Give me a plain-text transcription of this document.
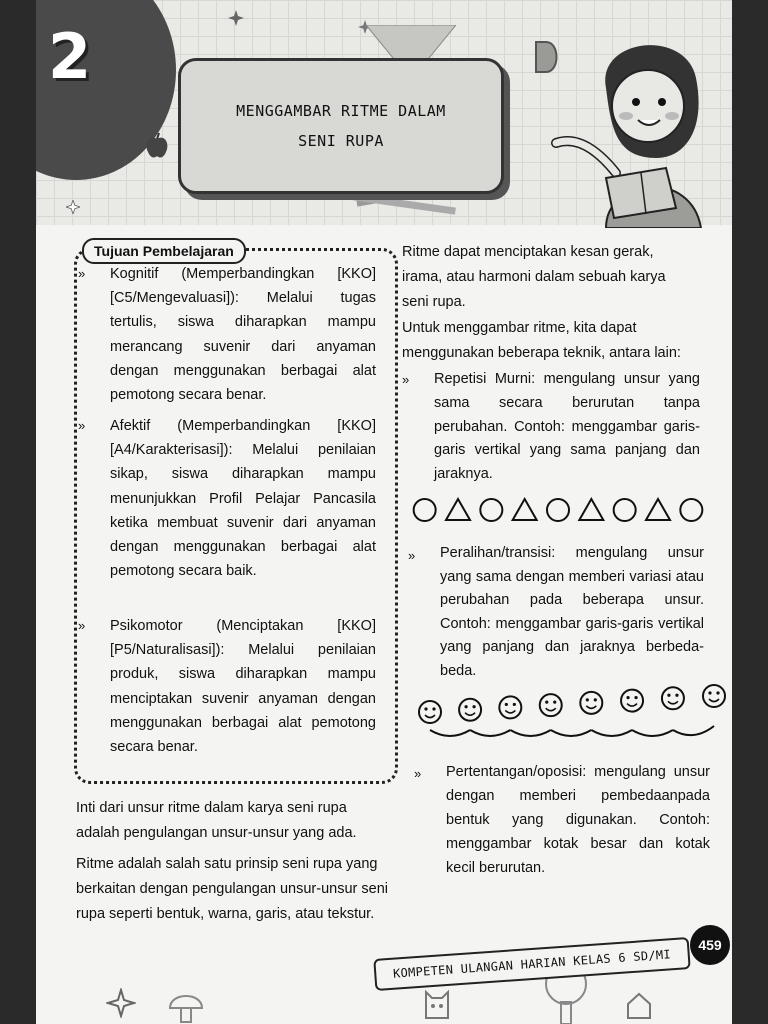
2
MENGGAMBAR RITME DALAM
SENI RUPA
Tujuan Pembelajaran
» Kognitif (Memperbandingkan [KKO] [C5/Mengevaluasi]): Melalui tugas tertulis, siswa diharapkan mampu merancang suvenir dari anyaman dengan menggunakan berbagai alat pemotong secara benar.
» Afektif (Memperbandingkan [KKO] [A4/Karakterisasi]): Melalui penilaian sikap, siswa diharapkan mampu menunjukkan Profil Pelajar Pancasila ketika membuat suvenir dari anyaman dengan menggunakan berbagai alat pemotong secara baik.
» Psikomotor (Menciptakan [KKO] [P5/Naturalisasi]): Melalui penilaian produk, siswa diharapkan mampu menciptakan suvenir anyaman dengan menggunakan berbagai alat pemotong secara benar.
Inti dari unsur ritme dalam karya seni rupa adalah pengulangan unsur-unsur yang ada.
Ritme adalah salah satu prinsip seni rupa yang berkaitan dengan pengulangan unsur-unsur seni rupa seperti bentuk, warna, garis, atau tekstur.
Ritme dapat menciptakan kesan gerak, irama, atau harmoni dalam sebuah karya seni rupa.
Untuk menggambar ritme, kita dapat menggunakan beberapa teknik, antara lain:
» Repetisi Murni: mengulang unsur yang sama secara berurutan tanpa perubahan. Contoh: menggambar garis-garis vertikal yang sama panjang dan jaraknya.
» Peralihan/transisi: mengulang unsur yang sama dengan memberi variasi atau perubahan pada beberapa unsur. Contoh: menggambar garis-garis vertikal yang panjang dan jaraknya berbeda-beda.
» Pertentangan/oposisi: mengulang unsur dengan memberi pembedaanpada bentuk yang digunakan. Contoh: menggambar kotak besar dan kotak kecil berurutan.
KOMPETEN ULANGAN HARIAN KELAS 6 SD/MI
459
